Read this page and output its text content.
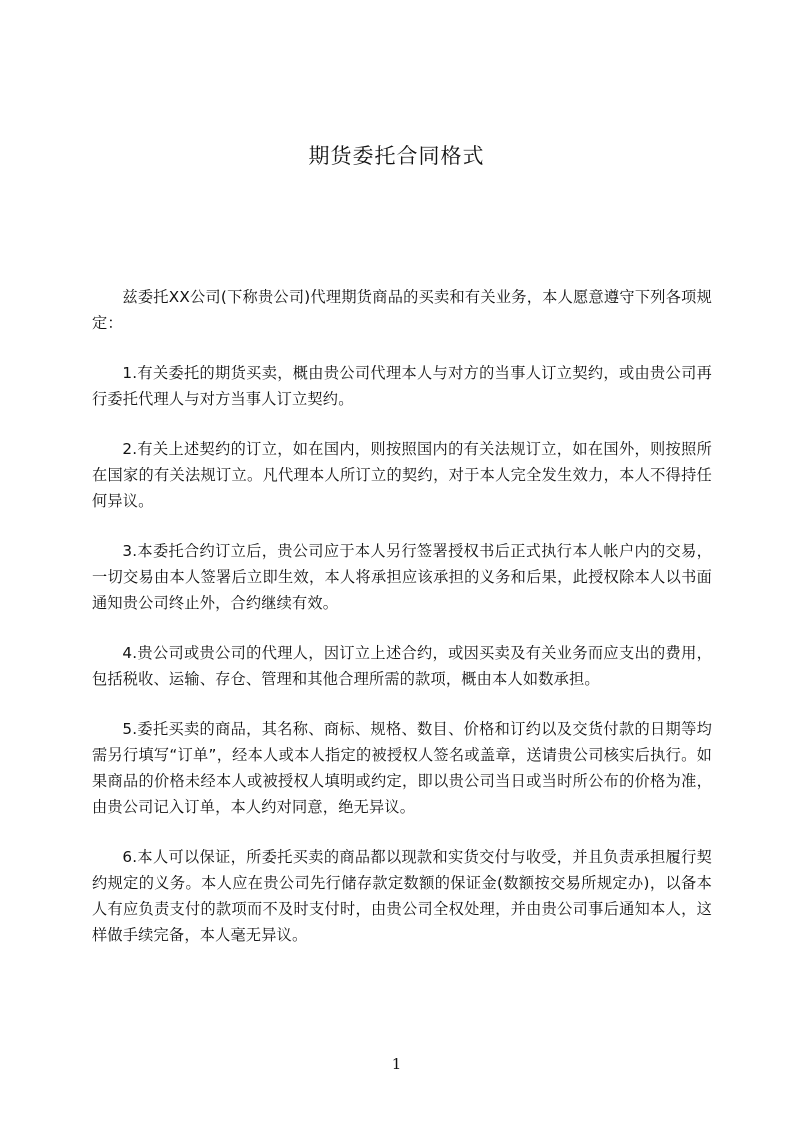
期货委托合同格式

兹委托XX公司(下称贵公司)代理期货商品的买卖和有关业务，本人愿意遵守下列各项规定：

1.有关委托的期货买卖，概由贵公司代理本人与对方的当事人订立契约，或由贵公司再行委托代理人与对方当事人订立契约。

2.有关上述契约的订立，如在国内，则按照国内的有关法规订立，如在国外，则按照所在国家的有关法规订立。凡代理本人所订立的契约，对于本人完全发生效力，本人不得持任何异议。

3.本委托合约订立后，贵公司应于本人另行签署授权书后正式执行本人帐户内的交易，一切交易由本人签署后立即生效，本人将承担应该承担的义务和后果，此授权除本人以书面通知贵公司终止外，合约继续有效。

4.贵公司或贵公司的代理人，因订立上述合约，或因买卖及有关业务而应支出的费用，包括税收、运输、存仓、管理和其他合理所需的款项，概由本人如数承担。

5.委托买卖的商品，其名称、商标、规格、数目、价格和订约以及交货付款的日期等均需另行填写“订单”，经本人或本人指定的被授权人签名或盖章，送请贵公司核实后执行。如果商品的价格未经本人或被授权人填明或约定，即以贵公司当日或当时所公布的价格为准，由贵公司记入订单，本人约对同意，绝无异议。

6.本人可以保证，所委托买卖的商品都以现款和实货交付与收受，并且负责承担履行契约规定的义务。本人应在贵公司先行储存款定数额的保证金(数额按交易所规定办)，以备本人有应负责支付的款项而不及时支付时，由贵公司全权处理，并由贵公司事后通知本人，这样做手续完备，本人毫无异议。

1
